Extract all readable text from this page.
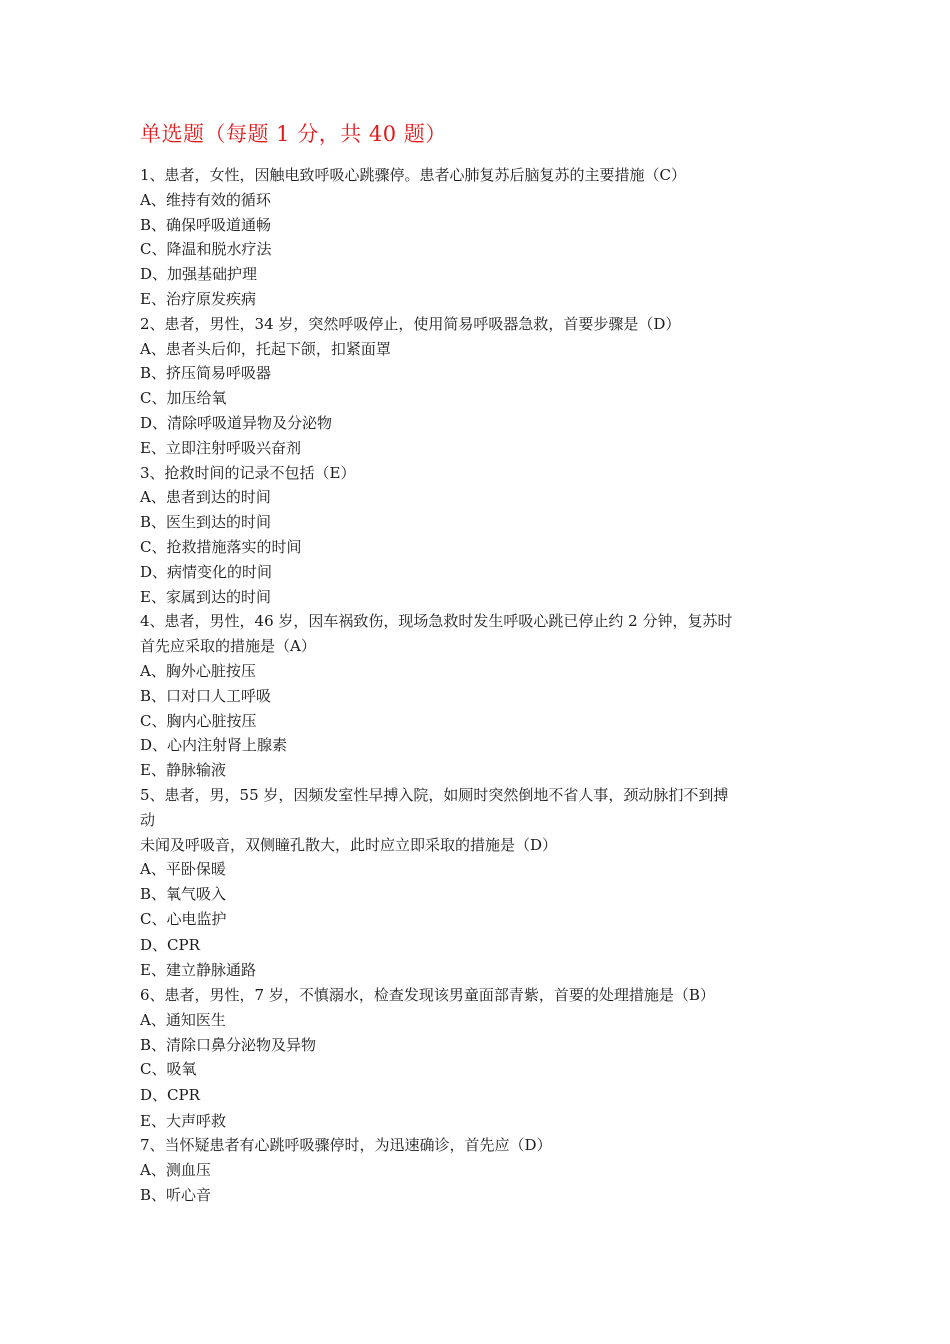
单选题（每题 1 分，共 40 题）
1、患者，女性，因触电致呼吸心跳骤停。患者心肺复苏后脑复苏的主要措施（C）
A、维持有效的循环
B、确保呼吸道通畅
C、降温和脱水疗法
D、加强基础护理
E、治疗原发疾病
2、患者，男性，34 岁，突然呼吸停止，使用简易呼吸器急救，首要步骤是（D）
A、患者头后仰，托起下颌，扣紧面罩
B、挤压简易呼吸器
C、加压给氧
D、清除呼吸道异物及分泌物
E、立即注射呼吸兴奋剂
3、抢救时间的记录不包括（E）
A、患者到达的时间
B、医生到达的时间
C、抢救措施落实的时间
D、病情变化的时间
E、家属到达的时间
4、患者，男性，46 岁，因车祸致伤，现场急救时发生呼吸心跳已停止约 2 分钟，复苏时
首先应采取的措施是（A）
A、胸外心脏按压
B、口对口人工呼吸
C、胸内心脏按压
D、心内注射肾上腺素
E、静脉输液
5、患者，男，55 岁，因频发室性早搏入院，如厕时突然倒地不省人事，颈动脉扪不到搏
动
未闻及呼吸音，双侧瞳孔散大，此时应立即采取的措施是（D）
A、平卧保暖
B、氧气吸入
C、心电监护
D、CPR
E、建立静脉通路
6、患者，男性，7 岁，不慎溺水，检查发现该男童面部青紫，首要的处理措施是（B）
A、通知医生
B、清除口鼻分泌物及异物
C、吸氧
D、CPR
E、大声呼救
7、当怀疑患者有心跳呼吸骤停时，为迅速确诊，首先应（D）
A、测血压
B、听心音
